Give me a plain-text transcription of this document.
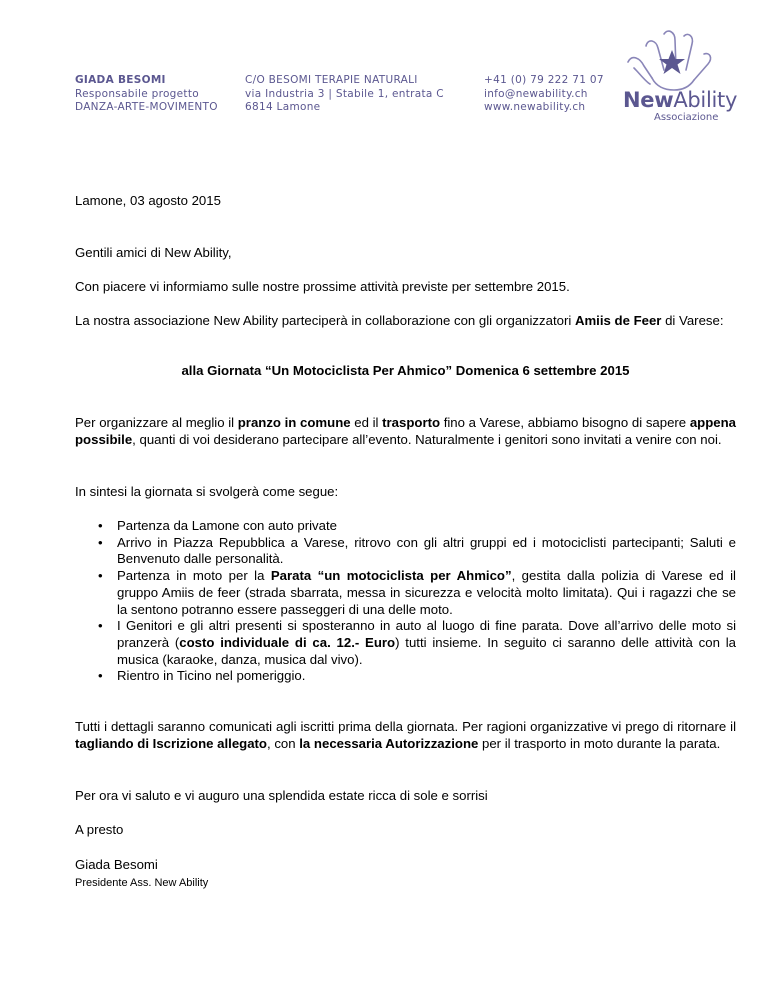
GIADA BESOMI
Responsabile progetto
DANZA-ARTE-MOVIMENTO
C/O BESOMI TERAPIE NATURALI
via Industria 3 | Stabile 1, entrata C
6814 Lamone
+41 (0) 79 222 71 07
info@newability.ch
www.newability.ch	NewAbility
Associazione

Lamone, 03 agosto 2015

Gentili amici di New Ability,

Con piacere vi informiamo sulle nostre prossime attività previste per settembre 2015.

La nostra associazione New Ability parteciperà in collaborazione con gli organizzatori Amiis de Feer di Varese:

alla Giornata “Un Motociclista Per Ahmico” Domenica 6 settembre 2015

Per organizzare al meglio il pranzo in comune ed il trasporto fino a Varese, abbiamo bisogno di sapere appena possibile, quanti di voi desiderano partecipare all’evento. Naturalmente i genitori sono invitati a venire con noi.

In sintesi la giornata si svolgerà come segue:

• Partenza da Lamone con auto private
• Arrivo in Piazza Repubblica a Varese, ritrovo con gli altri gruppi ed i motociclisti partecipanti; Saluti e Benvenuto dalle personalità.
• Partenza in moto per la Parata “un motociclista per Ahmico”, gestita dalla polizia di Varese ed il gruppo Amiis de feer (strada sbarrata, messa in sicurezza e velocità molto limitata). Qui i ragazzi che se la sentono potranno essere passeggeri di una delle moto.
• I Genitori e gli altri presenti si sposteranno in auto al luogo di fine parata. Dove all’arrivo delle moto si pranzerà (costo individuale di ca. 12.- Euro) tutti insieme. In seguito ci saranno delle attività con la musica (karaoke, danza, musica dal vivo).
• Rientro in Ticino nel pomeriggio.

Tutti i dettagli saranno comunicati agli iscritti prima della giornata. Per ragioni organizzative vi prego di ritornare il tagliando di Iscrizione allegato, con la necessaria Autorizzazione per il trasporto in moto durante la parata.

Per ora vi saluto e vi auguro una splendida estate ricca di sole e sorrisi

A presto

Giada Besomi

Presidente Ass. New Ability
